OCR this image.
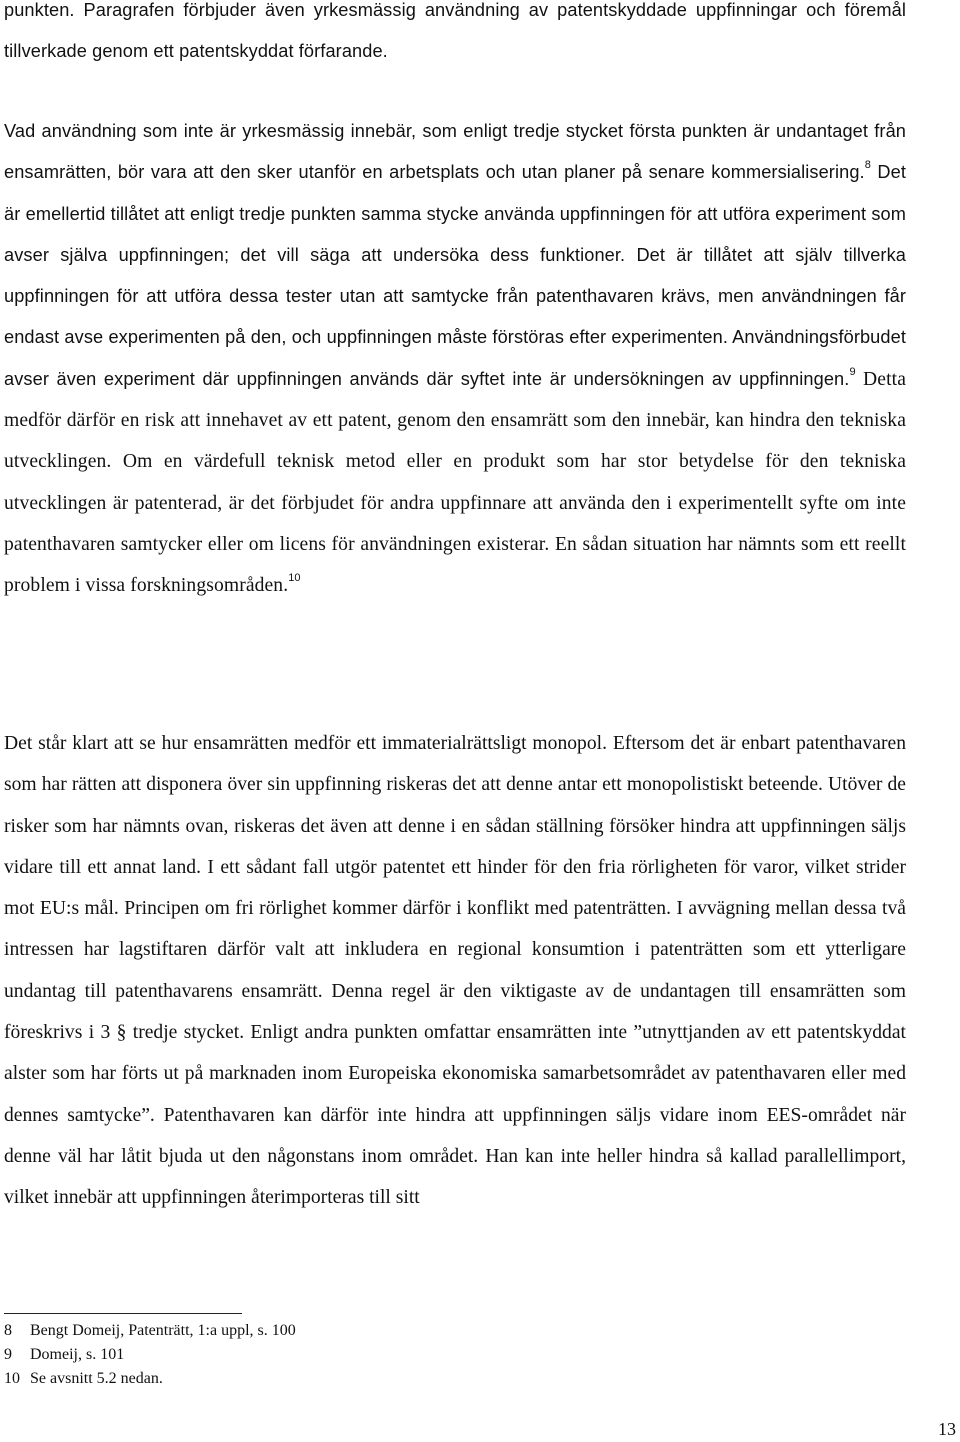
punkten. Paragrafen förbjuder även yrkesmässig användning av patentskyddade uppfinningar och föremål tillverkade genom ett patentskyddat förfarande.

Vad användning som inte är yrkesmässig innebär, som enligt tredje stycket första punkten är undantaget från ensamrätten, bör vara att den sker utanför en arbetsplats och utan planer på senare kommersialisering.$^8$ Det är emellertid tillåtet att enligt tredje punkten samma stycke använda uppfinningen för att utföra experiment som avser själva uppfinningen; det vill säga att undersöka dess funktioner. Det är tillåtet att själv tillverka uppfinningen för att utföra dessa tester utan att samtycke från patenthavaren krävs, men användningen får endast avse experimenten på den, och uppfinningen måste förstöras efter experimenten. Användningsförbudet avser även experiment där uppfinningen används där syftet inte är undersökningen av uppfinningen.$^9$ Detta medför därför en risk att innehavet av ett patent, genom den ensamrätt som den innebär, kan hindra den tekniska utvecklingen. Om en värdefull teknisk metod eller en produkt som har stor betydelse för den tekniska utvecklingen är patenterad, är det förbjudet för andra uppfinnare att använda den i experimentellt syfte om inte patenthavaren samtycker eller om licens för användningen existerar. En sådan situation har nämnts som ett reellt problem i vissa forskningsområden.$^{10}$

Det står klart att se hur ensamrätten medför ett immaterialrättsligt monopol. Eftersom det är enbart patenthavaren som har rätten att disponera över sin uppfinning riskeras det att denne antar ett monopolistiskt beteende. Utöver de risker som har nämnts ovan, riskeras det även att denne i en sådan ställning försöker hindra att uppfinningen säljs vidare till ett annat land. I ett sådant fall utgör patentet ett hinder för den fria rörligheten för varor, vilket strider mot EU:s mål. Principen om fri rörlighet kommer därför i konflikt med patenträtten. I avvägning mellan dessa två intressen har lagstiftaren därför valt att inkludera en regional konsumtion i patenträtten som ett ytterligare undantag till patenthavarens ensamrätt. Denna regel är den viktigaste av de undantagen till ensamrätten som föreskrivs i 3 § tredje stycket. Enligt andra punkten omfattar ensamrätten inte ”utnyttjanden av ett patentskyddat alster som har förts ut på marknaden inom Europeiska ekonomiska samarbetsområdet av patenthavaren eller med dennes samtycke”. Patenthavaren kan därför inte hindra att uppfinningen säljs vidare inom EES-området när denne väl har låtit bjuda ut den någonstans inom området. Han kan inte heller hindra så kallad parallellimport, vilket innebär att uppfinningen återimporteras till sitt

8	Bengt Domeij, Patenträtt, 1:a uppl, s. 100
9	Domeij, s. 101
10 Se avsnitt 5.2 nedan.
13
